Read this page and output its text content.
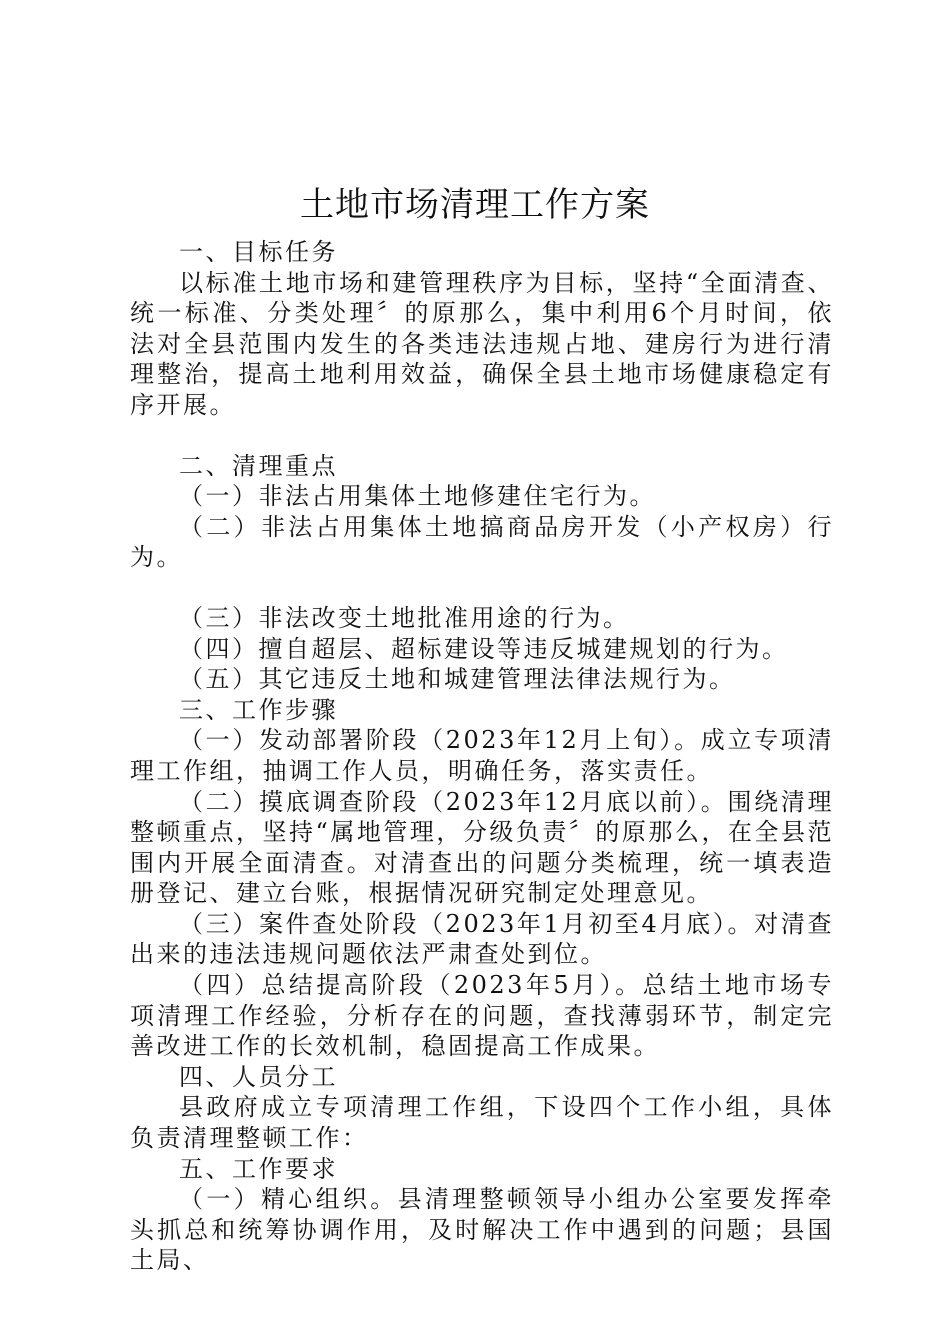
土地市场清理工作方案

一、目标任务

以标准土地市场和建管理秩序为目标，坚持“全面清查、统一标准、分类处理〞的原那么，集中利用6个月时间，依法对全县范围内发生的各类违法违规占地、建房行为进行清理整治，提高土地利用效益，确保全县土地市场健康稳定有序开展。

二、清理重点

（一）非法占用集体土地修建住宅行为。

（二）非法占用集体土地搞商品房开发（小产权房）行为。

（三）非法改变土地批准用途的行为。

（四）擅自超层、超标建设等违反城建规划的行为。

（五）其它违反土地和城建管理法律法规行为。

三、工作步骤

（一）发动部署阶段（2023年12月上旬）。成立专项清理工作组，抽调工作人员，明确任务，落实责任。

（二）摸底调查阶段（2023年12月底以前）。围绕清理整顿重点，坚持“属地管理，分级负责〞的原那么，在全县范围内开展全面清查。对清查出的问题分类梳理，统一填表造册登记、建立台账，根据情况研究制定处理意见。

（三）案件查处阶段（2023年1月初至4月底）。对清查出来的违法违规问题依法严肃查处到位。

（四）总结提高阶段（2023年5月）。总结土地市场专项清理工作经验，分析存在的问题，查找薄弱环节，制定完善改进工作的长效机制，稳固提高工作成果。

四、人员分工

县政府成立专项清理工作组，下设四个工作小组，具体负责清理整顿工作：

五、工作要求

（一）精心组织。县清理整顿领导小组办公室要发挥牵头抓总和统筹协调作用，及时解决工作中遇到的问题；县国土局、
